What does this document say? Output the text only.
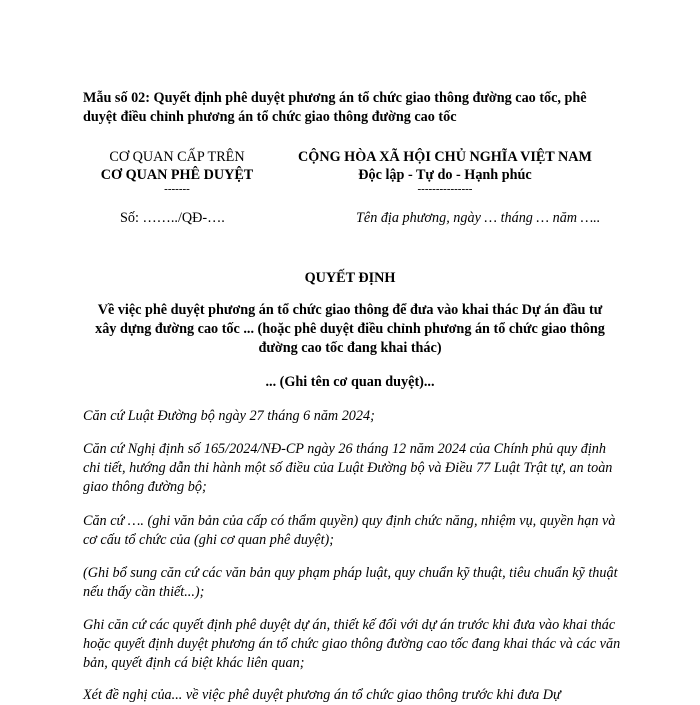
Mẫu số 02: Quyết định phê duyệt phương án tổ chức giao thông đường cao tốc, phê
duyệt điều chỉnh phương án tổ chức giao thông đường cao tốc
CƠ QUAN CẤP TRÊN
CƠ QUAN PHÊ DUYỆT
-------
Số: ……../QĐ-….
CỘNG HÒA XÃ HỘI CHỦ NGHĨA VIỆT NAM
Độc lập - Tự do - Hạnh phúc
---------------
Tên địa phương, ngày … tháng … năm …..
QUYẾT ĐỊNH
Về việc phê duyệt phương án tổ chức giao thông để đưa vào khai thác Dự án đầu tư
xây dựng đường cao tốc ... (hoặc phê duyệt điều chỉnh phương án tổ chức giao thông
đường cao tốc đang khai thác)
... (Ghi tên cơ quan duyệt)...
Căn cứ Luật Đường bộ ngày 27 tháng 6 năm 2024;
Căn cứ Nghị định số 165/2024/NĐ-CP ngày 26 tháng 12 năm 2024 của Chính phủ quy định chi tiết, hướng dẫn thi hành một số điều của Luật Đường bộ và Điều 77 Luật Trật tự, an toàn giao thông đường bộ;
Căn cứ …. (ghi văn bản của cấp có thẩm quyền) quy định chức năng, nhiệm vụ, quyền hạn và cơ cấu tổ chức của (ghi cơ quan phê duyệt);
(Ghi bổ sung căn cứ các văn bản quy phạm pháp luật, quy chuẩn kỹ thuật, tiêu chuẩn kỹ thuật nếu thấy cần thiết...);
Ghi căn cứ các quyết định phê duyệt dự án, thiết kế đối với dự án trước khi đưa vào khai thác hoặc quyết định duyệt phương án tổ chức giao thông đường cao tốc đang khai thác và các văn bản, quyết định cá biệt khác liên quan;
Xét đề nghị của... về việc phê duyệt phương án tổ chức giao thông trước khi đưa Dự
